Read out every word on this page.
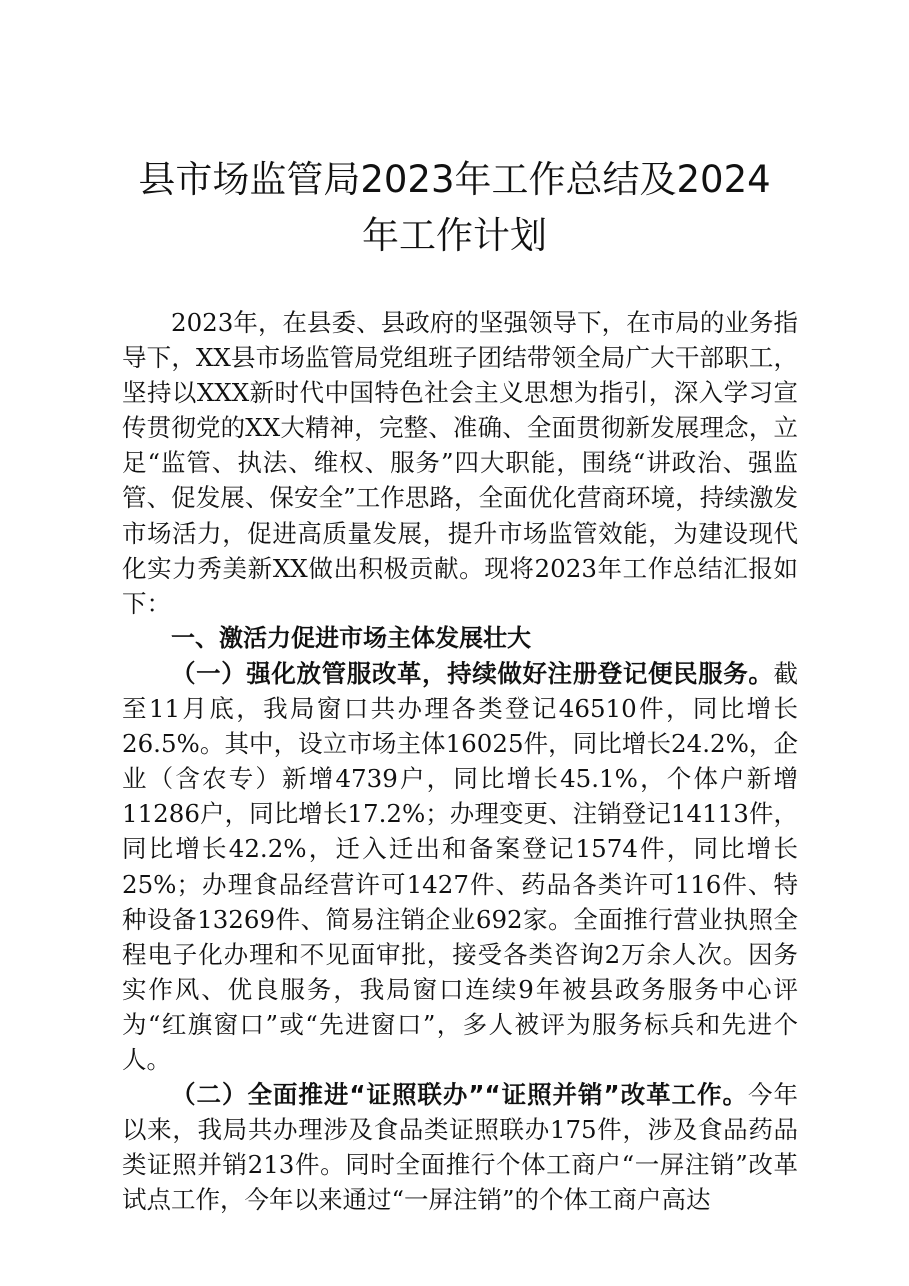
县市场监管局2023年工作总结及2024年工作计划

2023年，在县委、县政府的坚强领导下，在市局的业务指导下，XX县市场监管局党组班子团结带领全局广大干部职工，坚持以XXX新时代中国特色社会主义思想为指引，深入学习宣传贯彻党的XX大精神，完整、准确、全面贯彻新发展理念，立足“监管、执法、维权、服务”四大职能，围绕“讲政治、强监管、促发展、保安全”工作思路，全面优化营商环境，持续激发市场活力，促进高质量发展，提升市场监管效能，为建设现代化实力秀美新XX做出积极贡献。现将2023年工作总结汇报如下：

一、激活力促进市场主体发展壮大

（一）强化放管服改革，持续做好注册登记便民服务。截至11月底，我局窗口共办理各类登记46510件，同比增长26.5%。其中，设立市场主体16025件，同比增长24.2%，企业（含农专）新增4739户，同比增长45.1%，个体户新增11286户，同比增长17.2%；办理变更、注销登记14113件，同比增长42.2%，迁入迁出和备案登记1574件，同比增长25%；办理食品经营许可1427件、药品各类许可116件、特种设备13269件、简易注销企业692家。全面推行营业执照全程电子化办理和不见面审批，接受各类咨询2万余人次。因务实作风、优良服务，我局窗口连续9年被县政务服务中心评为“红旗窗口”或“先进窗口”，多人被评为服务标兵和先进个人。

（二）全面推进“证照联办”“证照并销”改革工作。今年以来，我局共办理涉及食品类证照联办175件，涉及食品药品类证照并销213件。同时全面推行个体工商户“一屏注销”改革试点工作，今年以来通过“一屏注销”的个体工商户高达
